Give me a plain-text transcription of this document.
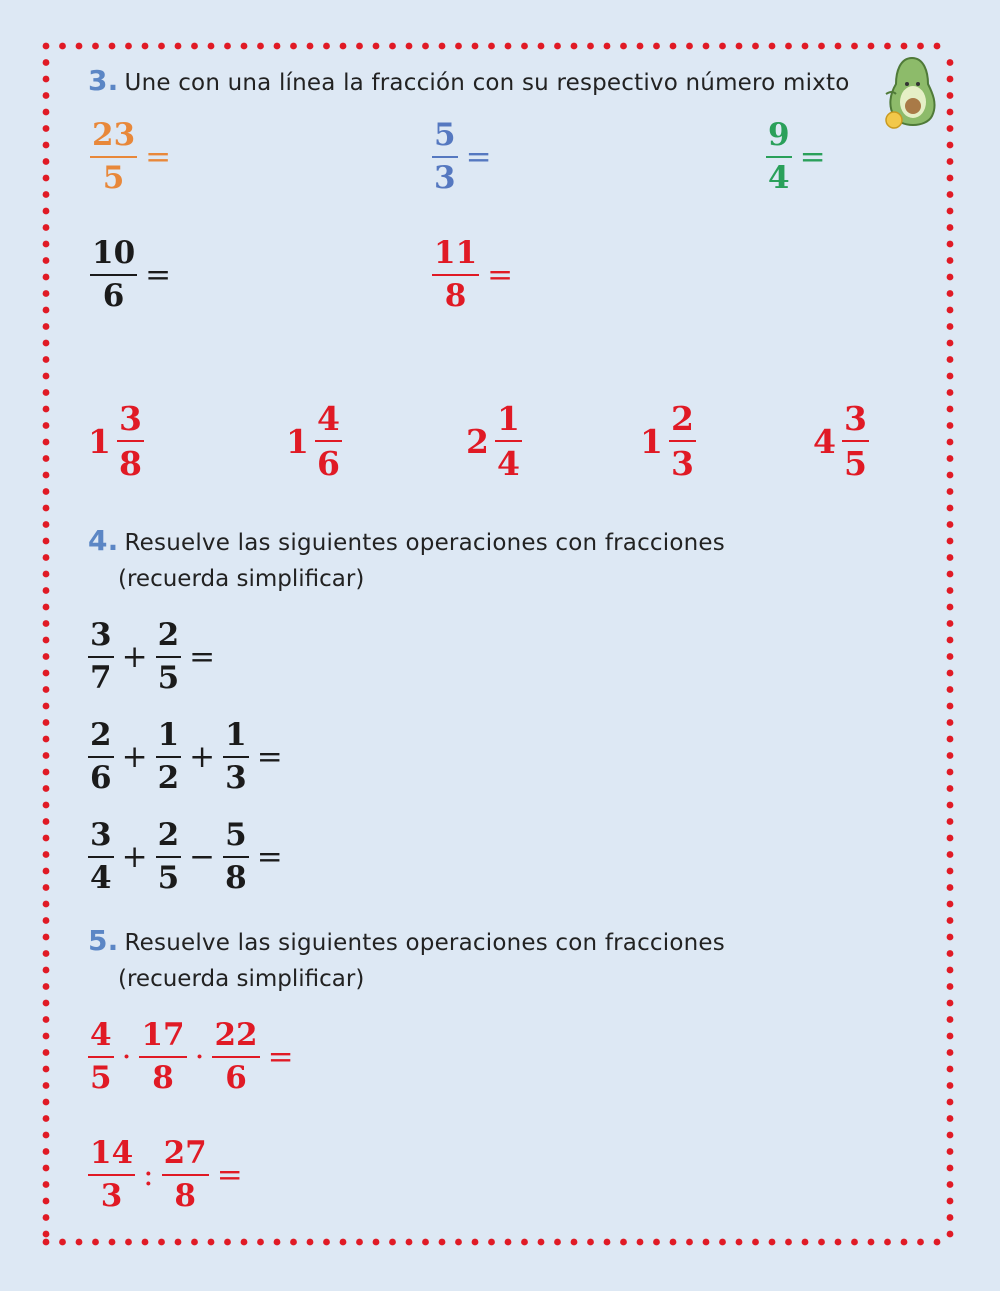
3. Une con una línea la fracción con su respectivo número mixto
$\frac{23}{5}$ =	$\frac{5}{3}$ =	$\frac{9}{4}$ =
$\frac{10}{6}$ =	$\frac{11}{8}$ =
$1 \frac{3}{8}$	$1 \frac{4}{6}$	$2 \frac{1}{4}$	$1 \frac{2}{3}$	$4 \frac{3}{5}$
4. Resuelve las siguientes operaciones con fracciones
(recuerda simplificar)
$\frac{3}{7} + \frac{2}{5}$ =
$\frac{2}{6} + \frac{1}{2} + \frac{1}{3}$ =
$\frac{3}{4} + \frac{2}{5} - \frac{5}{8}$ =
5. Resuelve las siguientes operaciones con fracciones
(recuerda simplificar)
$\frac{4}{5} \cdot \frac{17}{8} \cdot \frac{22}{6}$ =
$\frac{14}{3}$ : $\frac{27}{8}$ =
